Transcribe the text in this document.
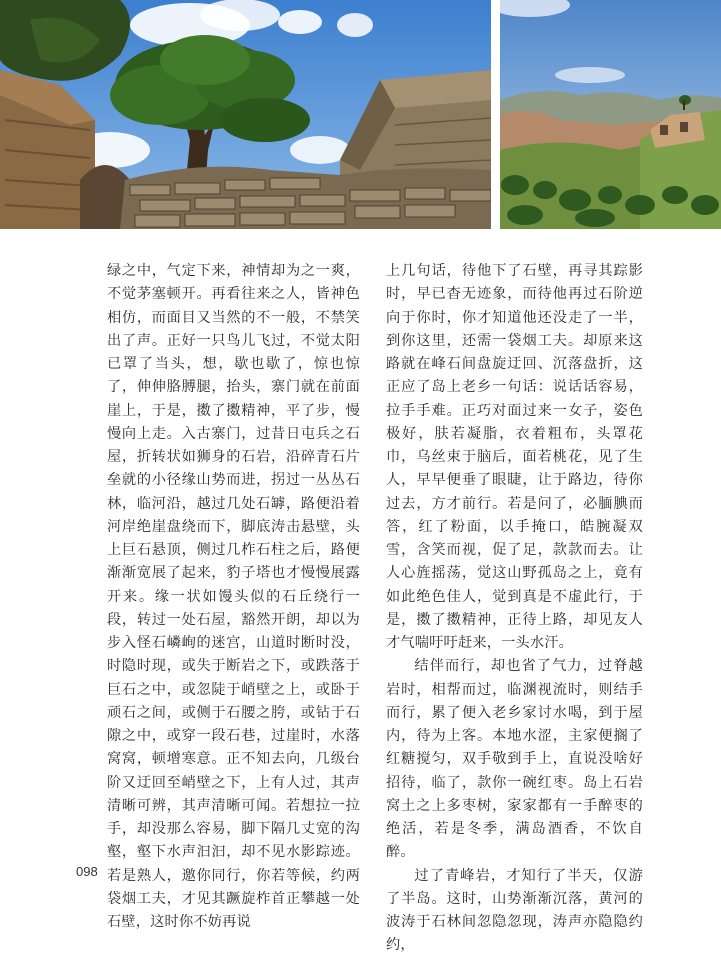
绿之中，气定下来，神情却为之一爽，不觉茅塞顿开。再看往来之人，皆神色相仿，而面目又当然的不一般，不禁笑出了声。正好一只鸟儿飞过，不觉太阳已罩了当头，想，歇也歇了，惊也惊了，伸伸胳膊腿，抬头，寨门就在前面崖上，于是，擞了擞精神，平了步，慢慢向上走。入古寨门，过昔日屯兵之石屋，折转状如狮身的石岩，沿碎青石片垒就的小径缘山势而进，拐过一丛丛石林，临河沿，越过几处石罅，路便沿着河岸绝崖盘绕而下，脚底涛击悬壁，头上巨石悬顶，侧过几柞石柱之后，路便渐渐宽展了起来，豹子塔也才慢慢展露开来。缘一状如馒头似的石丘绕行一段，转过一处石屋，豁然开朗，却以为步入怪石嶙峋的迷宫，山道时断时没，时隐时现，或失于断岩之下，或跌落于巨石之中，或忽陡于峭壁之上，或卧于顽石之间，或侧于石腰之胯，或钻于石隙之中，或穿一段石巷，过崖时，水落窝窝，顿增寒意。正不知去向，几级台阶又迂回至峭壁之下，上有人过，其声清晰可辨，其声清晰可闻。若想拉一拉手，却没那么容易，脚下隔几丈宽的沟壑，壑下水声汩汩，却不见水影踪迹。若是熟人，邀你同行，你若等候，约两袋烟工夫，才见其蹶旋柞首正攀越一处石壁，这时你不妨再说

上几句话，待他下了石壁，再寻其踪影时，早已杳无迹象，而待他再过石阶逆向于你时，你才知道他还没走了一半，到你这里，还需一袋烟工夫。却原来这路就在峰石间盘旋迂回、沉落盘折，这正应了岛上老乡一句话：说话话容易，拉手手难。正巧对面过来一女子，姿色极好，肤若凝脂，衣着粗布，头罩花巾，乌丝束于脑后，面若桃花，见了生人，早早便垂了眼睫，让于路边，待你过去，方才前行。若是问了，必腼腆而答，红了粉面，以手掩口，皓腕凝双雪，含笑而视，促了足，款款而去。让人心旌摇荡，觉这山野孤岛之上，竟有如此绝色佳人，觉到真是不虚此行，于是，擞了擞精神，正待上路，却见友人才气喘吁吁赶来，一头水汗。

结伴而行，却也省了气力，过脊越岩时，相帮而过，临渊视流时，则结手而行，累了便入老乡家讨水喝，到于屋内，待为上客。本地水涩，主家便搁了红糖搅匀，双手敬到手上，直说没啥好招待，临了，款你一碗红枣。岛上石岩窝土之上多枣树，家家都有一手醉枣的绝活，若是冬季，满岛酒香，不饮自醉。

过了青峰岩，才知行了半天，仅游了半岛。这时，山势渐渐沉落，黄河的波涛于石林间忽隐忽现，涛声亦隐隐约约，

098
